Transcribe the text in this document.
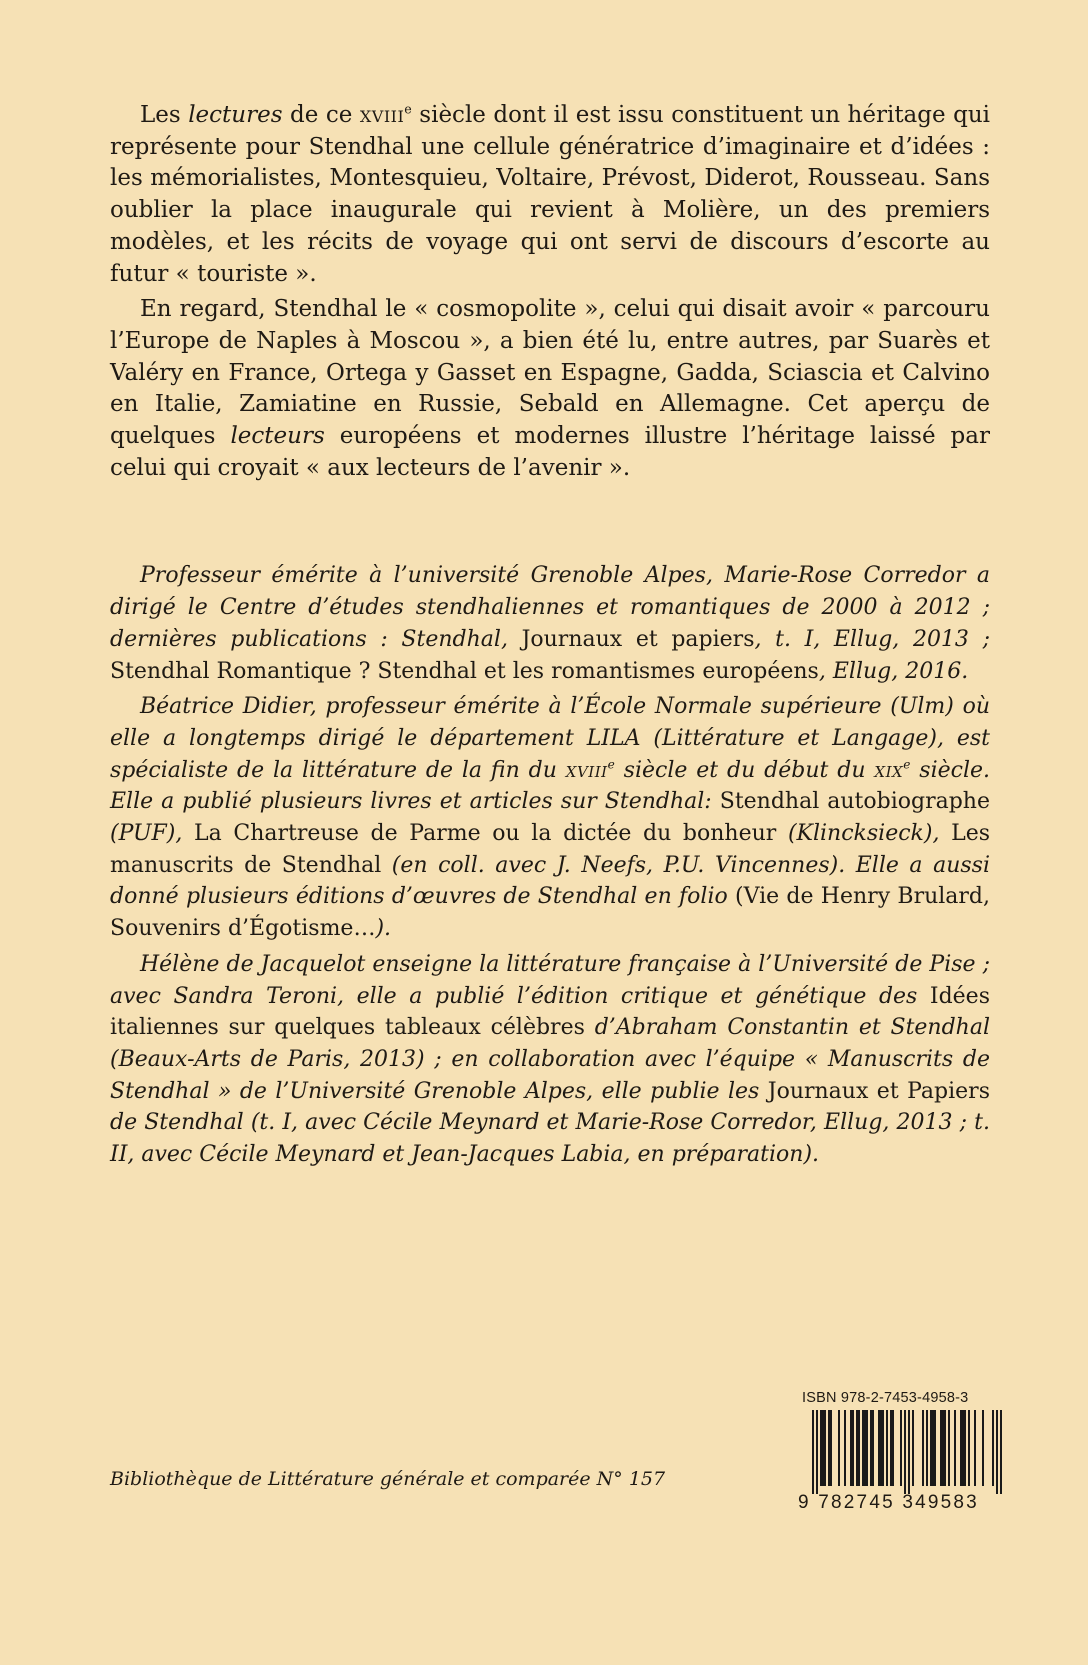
Les lectures de ce xviii$^e$ siècle dont il est issu constituent un héritage qui représente pour Stendhal une cellule génératrice d’imaginaire et d’idées : les mémorialistes, Montesquieu, Voltaire, Prévost, Diderot, Rousseau. Sans oublier la place inaugurale qui revient à Molière, un des premiers modèles, et les récits de voyage qui ont servi de discours d’escorte au futur « touriste ».

En regard, Stendhal le « cosmopolite », celui qui disait avoir « parcouru l’Europe de Naples à Moscou », a bien été lu, entre autres, par Suarès et Valéry en France, Ortega y Gasset en Espagne, Gadda, Sciascia et Calvino en Italie, Zamiatine en Russie, Sebald en Allemagne. Cet aperçu de quelques lecteurs européens et modernes illustre l’héritage laissé par celui qui croyait « aux lecteurs de l’avenir ».

Professeur émérite à l’université Grenoble Alpes, Marie-Rose Corredor a dirigé le Centre d’études stendhaliennes et romantiques de 2000 à 2012 ; dernières publications : Stendhal, Journaux et papiers, t. I, Ellug, 2013 ; Stendhal Romantique ? Stendhal et les romantismes européens, Ellug, 2016.

Béatrice Didier, professeur émérite à l’École Normale supérieure (Ulm) où elle a longtemps dirigé le département LILA (Littérature et Langage), est spécialiste de la littérature de la fin du xviii$^e$ siècle et du début du xix$^e$ siècle. Elle a publié plusieurs livres et articles sur Stendhal: Stendhal autobiographe (PUF), La Chartreuse de Parme ou la dictée du bonheur (Klincksieck), Les manuscrits de Stendhal (en coll. avec J. Neefs, P.U. Vincennes). Elle a aussi donné plusieurs éditions d’œuvres de Stendhal en folio (Vie de Henry Brulard, Souvenirs d’Égotisme…).

Hélène de Jacquelot enseigne la littérature française à l’Université de Pise ; avec Sandra Teroni, elle a publié l’édition critique et génétique des Idées italiennes sur quelques tableaux célèbres d’Abraham Constantin et Stendhal (Beaux-Arts de Paris, 2013) ; en collaboration avec l’équipe « Manuscrits de Stendhal » de l’Université Grenoble Alpes, elle publie les Journaux et Papiers de Stendhal (t. I, avec Cécile Meynard et Marie-Rose Corredor, Ellug, 2013 ; t. II, avec Cécile Meynard et Jean-Jacques Labia, en préparation).

Bibliothèque de Littérature générale et comparée N° 157
ISBN 978-2-7453-4958-3
9 782745 349583
